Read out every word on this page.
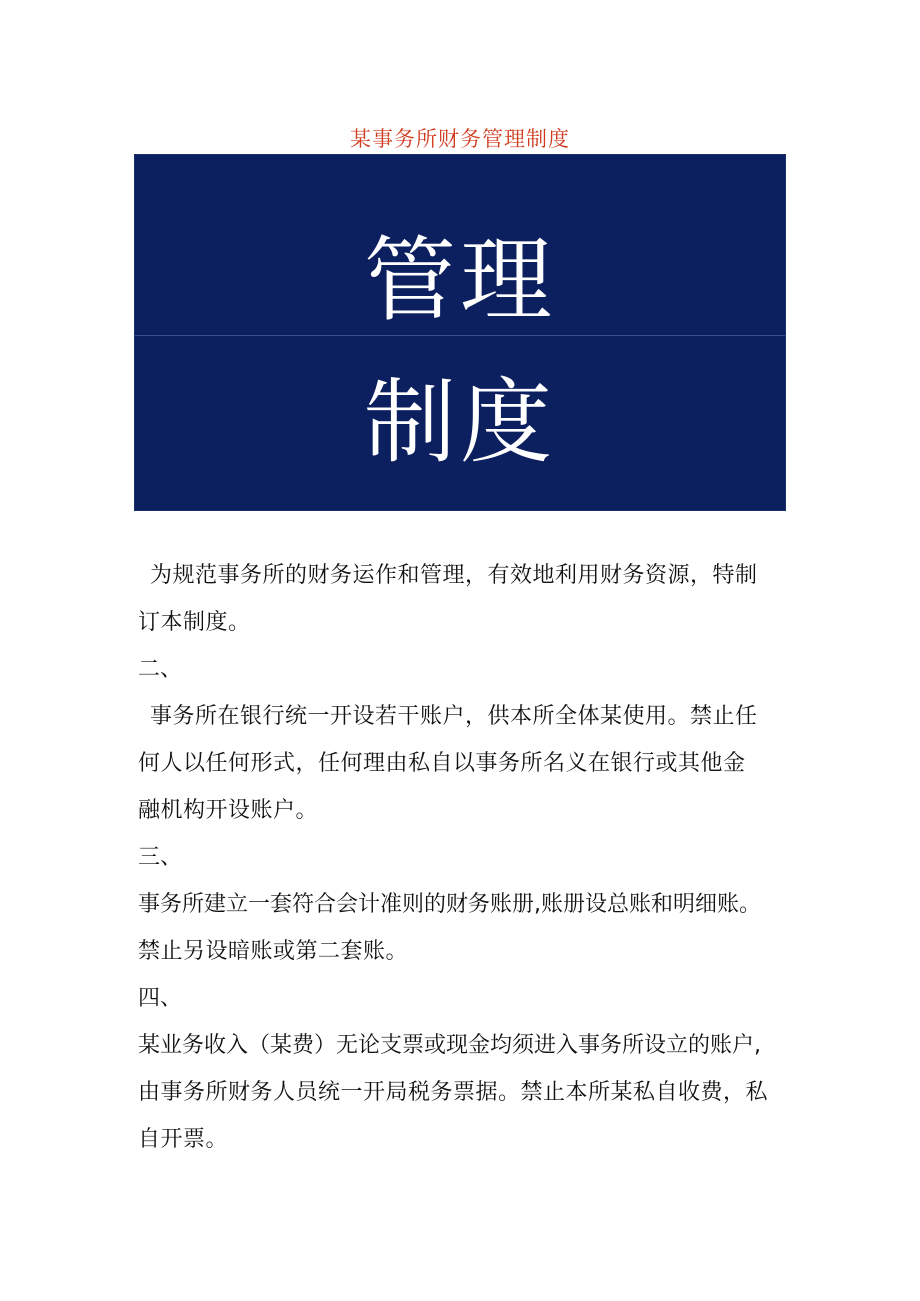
某事务所财务管理制度
管理
制度

为规范事务所的财务运作和管理，有效地利用财务资源，特制

订本制度。

二、

事务所在银行统一开设若干账户，供本所全体某使用。禁止任

何人以任何形式，任何理由私自以事务所名义在银行或其他金

融机构开设账户。

三、

事务所建立一套符合会计准则的财务账册,账册设总账和明细账。

禁止另设暗账或第二套账。

四、

某业务收入（某费）无论支票或现金均须进入事务所设立的账户,

由事务所财务人员统一开局税务票据。禁止本所某私自收费，私

自开票。
